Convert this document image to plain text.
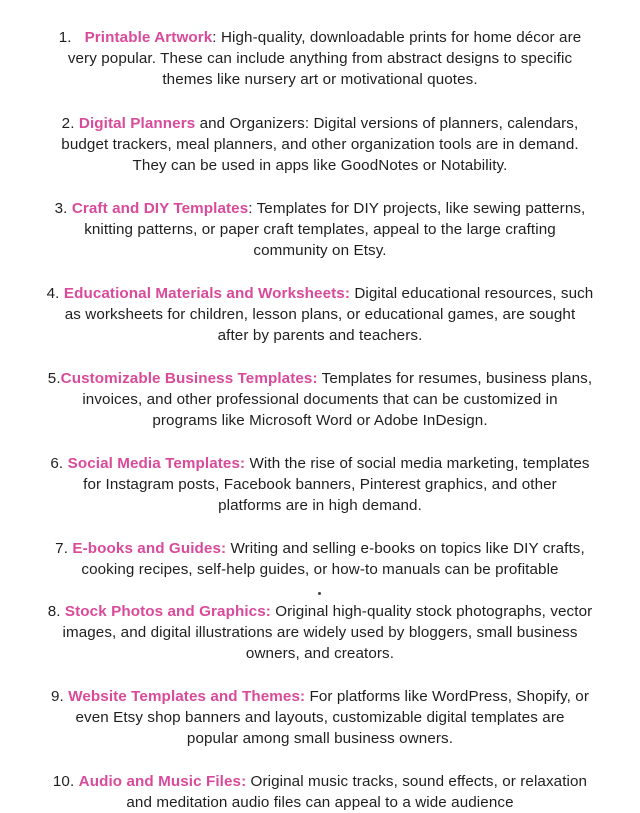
1. Printable Artwork: High-quality, downloadable prints for home décor are
very popular. These can include anything from abstract designs to specific
themes like nursery art or motivational quotes.

2. Digital Planners and Organizers: Digital versions of planners, calendars,
budget trackers, meal planners, and other organization tools are in demand.
They can be used in apps like GoodNotes or Notability.

3. Craft and DIY Templates: Templates for DIY projects, like sewing patterns,
knitting patterns, or paper craft templates, appeal to the large crafting
community on Etsy.

4. Educational Materials and Worksheets: Digital educational resources, such
as worksheets for children, lesson plans, or educational games, are sought
after by parents and teachers.

5.Customizable Business Templates: Templates for resumes, business plans,
invoices, and other professional documents that can be customized in
programs like Microsoft Word or Adobe InDesign.

6. Social Media Templates: With the rise of social media marketing, templates
for Instagram posts, Facebook banners, Pinterest graphics, and other
platforms are in high demand.

7. E-books and Guides: Writing and selling e-books on topics like DIY crafts,
cooking recipes, self-help guides, or how-to manuals can be profitable

8. Stock Photos and Graphics: Original high-quality stock photographs, vector
images, and digital illustrations are widely used by bloggers, small business
owners, and creators.

9. Website Templates and Themes: For platforms like WordPress, Shopify, or
even Etsy shop banners and layouts, customizable digital templates are
popular among small business owners.

10. Audio and Music Files: Original music tracks, sound effects, or relaxation
and meditation audio files can appeal to a wide audience
